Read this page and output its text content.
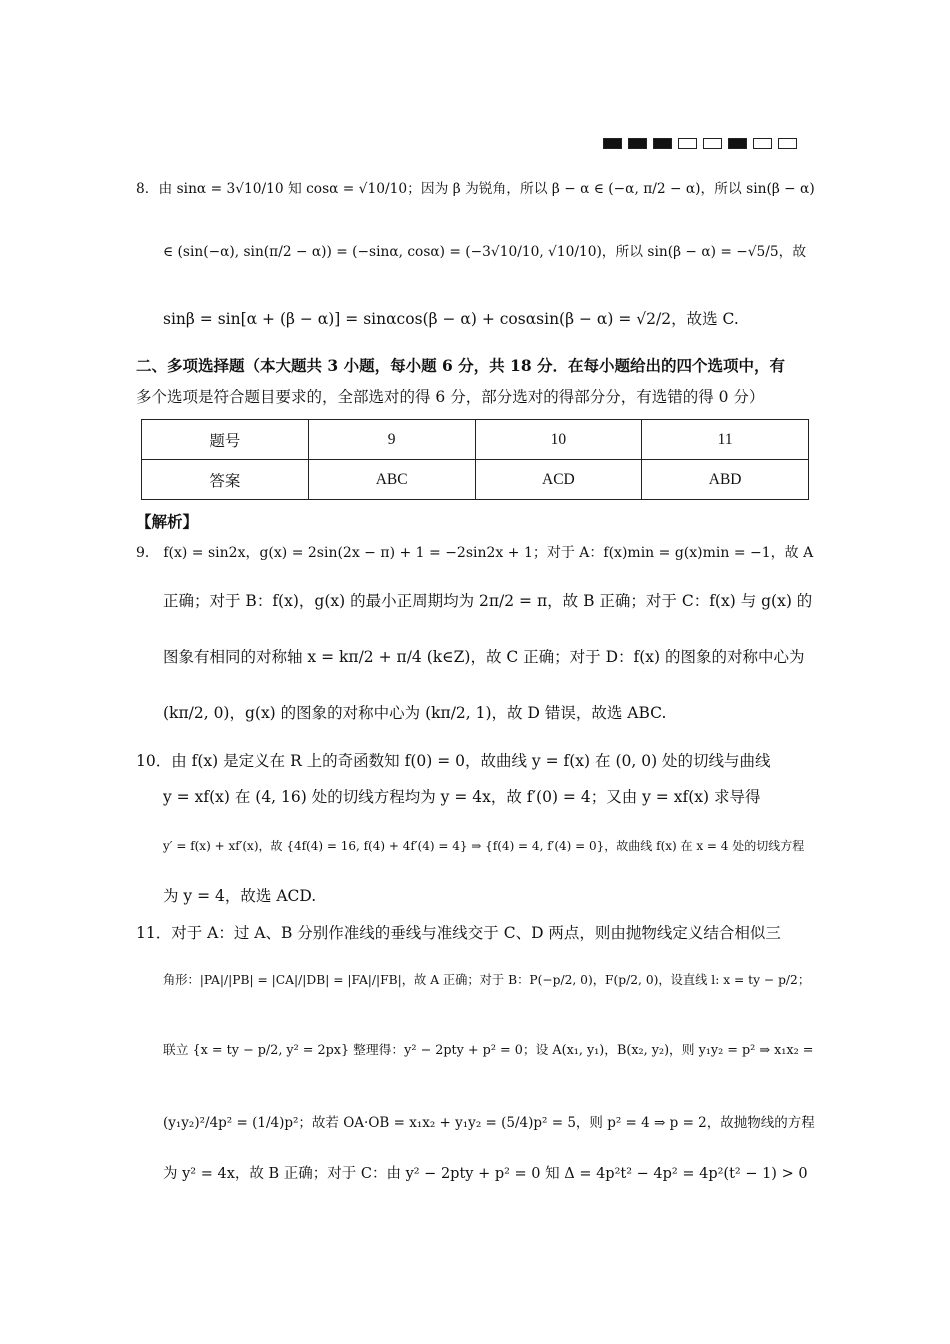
8．由 sinα = 3√10/10 知 cosα = √10/10；因为 β 为锐角，所以 β − α ∈ (−α, π/2 − α)，所以 sin(β − α)
∈ (sin(−α), sin(π/2 − α)) = (−sinα, cosα) = (−3√10/10, √10/10)，所以 sin(β − α) = −√5/5，故
sinβ = sin[α + (β − α)] = sinαcos(β − α) + cosαsin(β − α) = √2/2，故选 C.
二、多项选择题（本大题共 3 小题，每小题 6 分，共 18 分．在每小题给出的四个选项中，有
多个选项是符合题目要求的，全部选对的得 6 分，部分选对的得部分分，有选错的得 0 分）
题号	9	10	11
答案	ABC	ACD	ABD
【解析】
9． f(x) = sin2x，g(x) = 2sin(2x − π) + 1 = −2sin2x + 1；对于 A：f(x)min = g(x)min = −1，故 A
正确；对于 B：f(x)，g(x) 的最小正周期均为 2π/2 = π，故 B 正确；对于 C：f(x) 与 g(x) 的
图象有相同的对称轴 x = kπ/2 + π/4 (k∈Z)，故 C 正确；对于 D：f(x) 的图象的对称中心为
(kπ/2, 0)，g(x) 的图象的对称中心为 (kπ/2, 1)，故 D 错误，故选 ABC.
10．由 f(x) 是定义在 R 上的奇函数知 f(0) = 0，故曲线 y = f(x) 在 (0, 0) 处的切线与曲线
y = xf(x) 在 (4, 16) 处的切线方程均为 y = 4x，故 f′(0) = 4；又由 y = xf(x) 求导得
y′ = f(x) + xf′(x)，故 {4f(4) = 16, f(4) + 4f′(4) = 4} ⇒ {f(4) = 4, f′(4) = 0}，故曲线 f(x) 在 x = 4 处的切线方程
为 y = 4，故选 ACD.
11．对于 A：过 A、B 分别作准线的垂线与准线交于 C、D 两点，则由抛物线定义结合相似三
角形：|PA|/|PB| = |CA|/|DB| = |FA|/|FB|，故 A 正确；对于 B：P(−p/2, 0)，F(p/2, 0)，设直线 l: x = ty − p/2；
联立 {x = ty − p/2, y² = 2px} 整理得：y² − 2pty + p² = 0；设 A(x₁, y₁)，B(x₂, y₂)，则 y₁y₂ = p² ⇒ x₁x₂ =
(y₁y₂)²/4p² = (1/4)p²；故若 OA·OB = x₁x₂ + y₁y₂ = (5/4)p² = 5，则 p² = 4 ⇒ p = 2，故抛物线的方程
为 y² = 4x，故 B 正确；对于 C：由 y² − 2pty + p² = 0 知 Δ = 4p²t² − 4p² = 4p²(t² − 1) > 0
